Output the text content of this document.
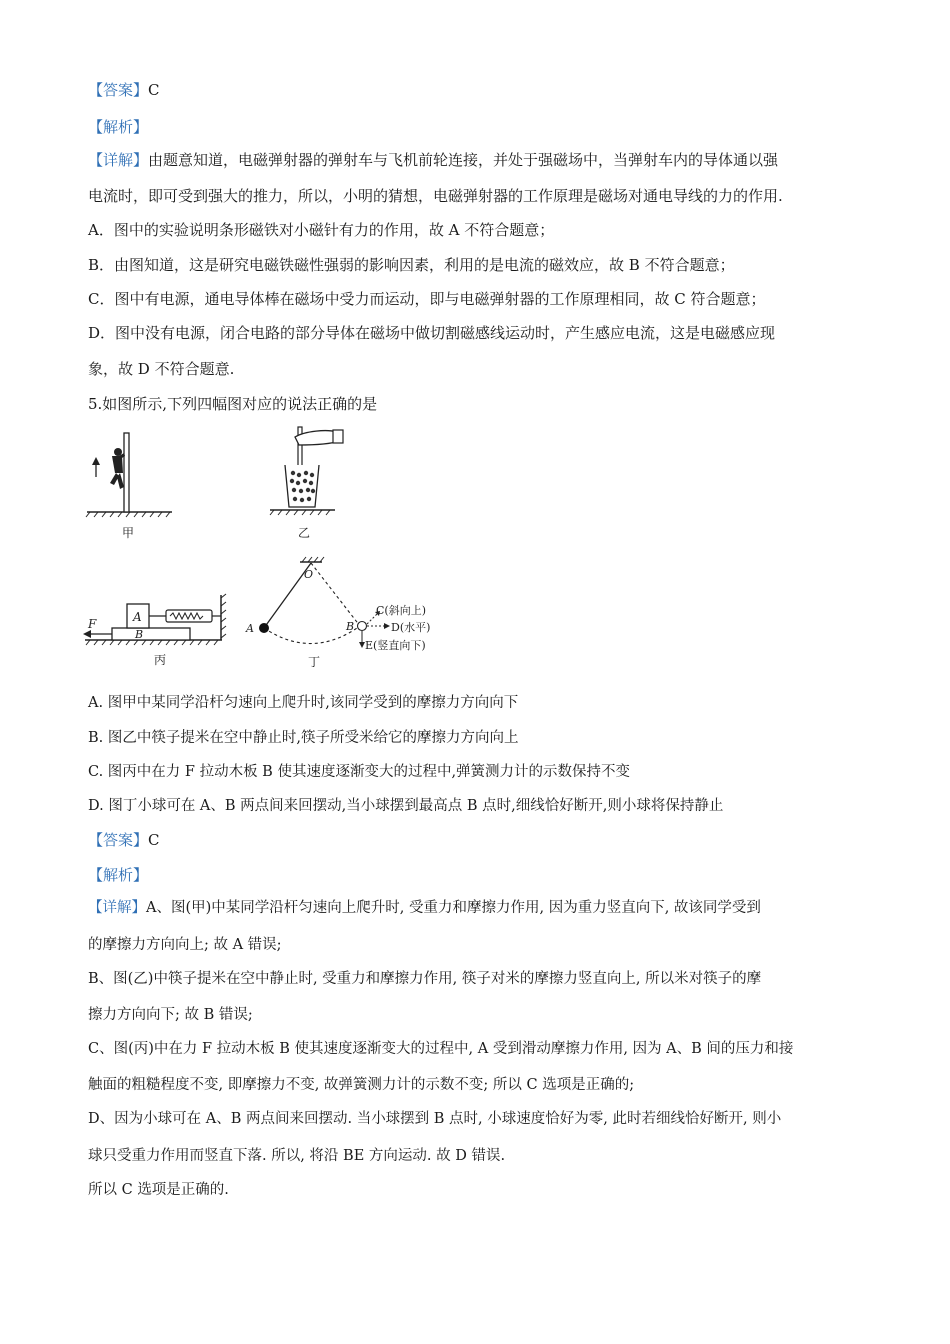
【答案】C
【解析】
【详解】由题意知道，电磁弹射器的弹射车与飞机前轮连接，并处于强磁场中，当弹射车内的导体通以强
电流时，即可受到强大的推力，所以，小明的猜想，电磁弹射器的工作原理是磁场对通电导线的力的作用.
A．图中的实验说明条形磁铁对小磁针有力的作用，故 A 不符合题意；
B．由图知道，这是研究电磁铁磁性强弱的影响因素，利用的是电流的磁效应，故 B 不符合题意；
C．图中有电源，通电导体棒在磁场中受力而运动，即与电磁弹射器的工作原理相同，故 C 符合题意；
D．图中没有电源，闭合电路的部分导体在磁场中做切割磁感线运动时，产生感应电流，这是电磁感应现
象，故 D 不符合题意.
5.如图所示,下列四幅图对应的说法正确的是
甲	乙
A
B
F
丙
O
A	B
C(斜向上)
D(水平)
E(竖直向下)
丁
A. 图甲中某同学沿杆匀速向上爬升时,该同学受到的摩擦力方向向下
B. 图乙中筷子提米在空中静止时,筷子所受米给它的摩擦力方向向上
C. 图丙中在力 F 拉动木板 B 使其速度逐渐变大的过程中,弹簧测力计的示数保持不变
D. 图丁小球可在 A、B 两点间来回摆动,当小球摆到最高点 B 点时,细线恰好断开,则小球将保持静止
【答案】C
【解析】
【详解】A、图(甲)中某同学沿杆匀速向上爬升时, 受重力和摩擦力作用, 因为重力竖直向下, 故该同学受到
的摩擦力方向向上; 故 A 错误;
B、图(乙)中筷子提米在空中静止时, 受重力和摩擦力作用, 筷子对米的摩擦力竖直向上, 所以米对筷子的摩
擦力方向向下; 故 B 错误;
C、图(丙)中在力 F 拉动木板 B 使其速度逐渐变大的过程中, A 受到滑动摩擦力作用, 因为 A、B 间的压力和接
触面的粗糙程度不变, 即摩擦力不变, 故弹簧测力计的示数不变; 所以 C 选项是正确的;
D、因为小球可在 A、B 两点间来回摆动. 当小球摆到 B 点时, 小球速度恰好为零, 此时若细线恰好断开, 则小
球只受重力作用而竖直下落. 所以, 将沿 BE 方向运动. 故 D 错误.
所以 C 选项是正确的.
